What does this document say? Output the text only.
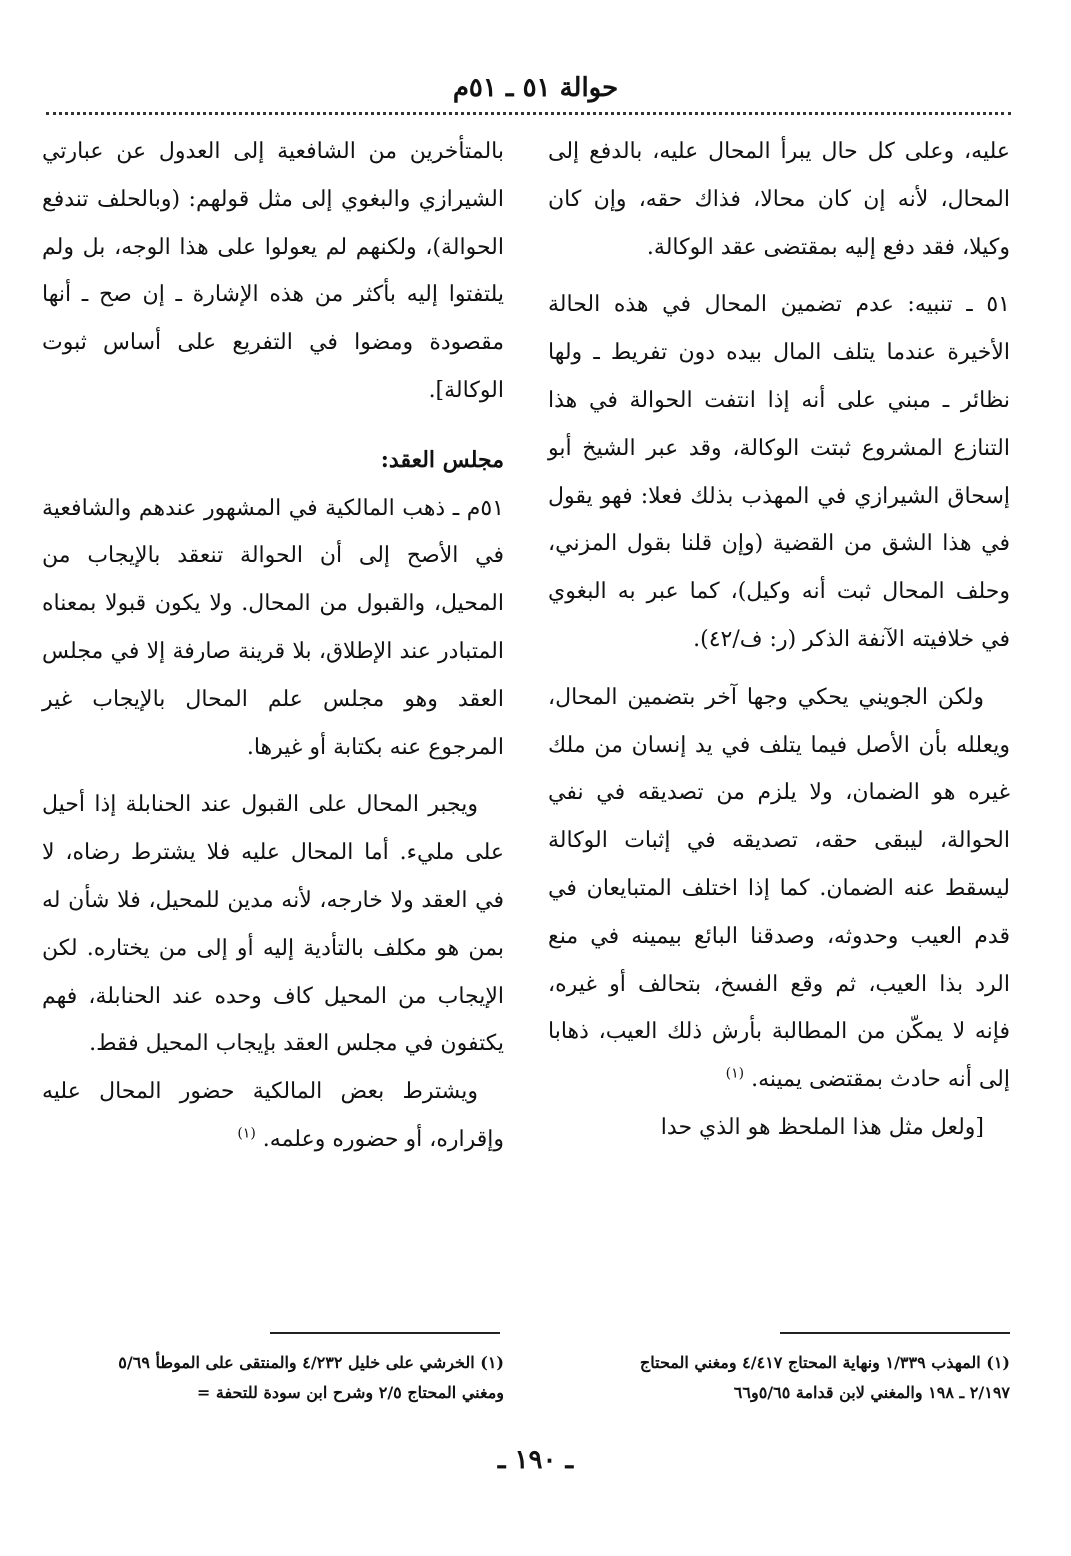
حوالة ٥١ ـ ٥١م

عليه، وعلى كل حال يبرأ المحال عليه، بالدفع إلى المحال، لأنه إن كان محالا، فذاك حقه، وإن كان وكيلا، فقد دفع إليه بمقتضى عقد الوكالة.

٥١ ـ تنبيه: عدم تضمين المحال في هذه الحالة الأخيرة عندما يتلف المال بيده دون تفريط ـ ولها نظائر ـ مبني على أنه إذا انتفت الحوالة في هذا التنازع المشروع ثبتت الوكالة، وقد عبر الشيخ أبو إسحاق الشيرازي في المهذب بذلك فعلا: فهو يقول في هذا الشق من القضية (وإن قلنا بقول المزني، وحلف المحال ثبت أنه وكيل)، كما عبر به البغوي في خلافيته الآنفة الذكر (ر: ف/٤٢).

ولكن الجويني يحكي وجها آخر بتضمين المحال، ويعلله بأن الأصل فيما يتلف في يد إنسان من ملك غيره هو الضمان، ولا يلزم من تصديقه في نفي الحوالة، ليبقى حقه، تصديقه في إثبات الوكالة ليسقط عنه الضمان. كما إذا اختلف المتبايعان في قدم العيب وحدوثه، وصدقنا البائع بيمينه في منع الرد بذا العيب، ثم وقع الفسخ، بتحالف أو غيره، فإنه لا يمكّن من المطالبة بأرش ذلك العيب، ذهابا إلى أنه حادث بمقتضى يمينه. $^{(١)}$

[ولعل مثل هذا الملحظ هو الذي حدا

بالمتأخرين من الشافعية إلى العدول عن عبارتي الشيرازي والبغوي إلى مثل قولهم: (وبالحلف تندفع الحوالة)، ولكنهم لم يعولوا على هذا الوجه، بل ولم يلتفتوا إليه بأكثر من هذه الإشارة ـ إن صح ـ أنها مقصودة ومضوا في التفريع على أساس ثبوت الوكالة].

مجلس العقد:

٥١م ـ ذهب المالكية في المشهور عندهم والشافعية في الأصح إلى أن الحوالة تنعقد بالإيجاب من المحيل، والقبول من المحال. ولا يكون قبولا بمعناه المتبادر عند الإطلاق، بلا قرينة صارفة إلا في مجلس العقد وهو مجلس علم المحال بالإيجاب غير المرجوع عنه بكتابة أو غيرها.

ويجبر المحال على القبول عند الحنابلة إذا أحيل على مليء. أما المحال عليه فلا يشترط رضاه، لا في العقد ولا خارجه، لأنه مدين للمحيل، فلا شأن له بمن هو مكلف بالتأدية إليه أو إلى من يختاره. لكن الإيجاب من المحيل كاف وحده عند الحنابلة، فهم يكتفون في مجلس العقد بإيجاب المحيل فقط.

ويشترط بعض المالكية حضور المحال عليه وإقراره، أو حضوره وعلمه. $^{(١)}$

(١) المهذب ١/٣٣٩ ونهاية المحتاج ٤/٤١٧ ومغني المحتاج

٢/١٩٧ ـ ١٩٨ والمغني لابن قدامة ٥/٦٥و٦٦

(١) الخرشي على خليل ٤/٢٣٢ والمنتقى على الموطأ ٥/٦٩

ومغني المحتاج ٢/٥ وشرح ابن سودة للتحفة =

ـ ١٩٠ ـ
